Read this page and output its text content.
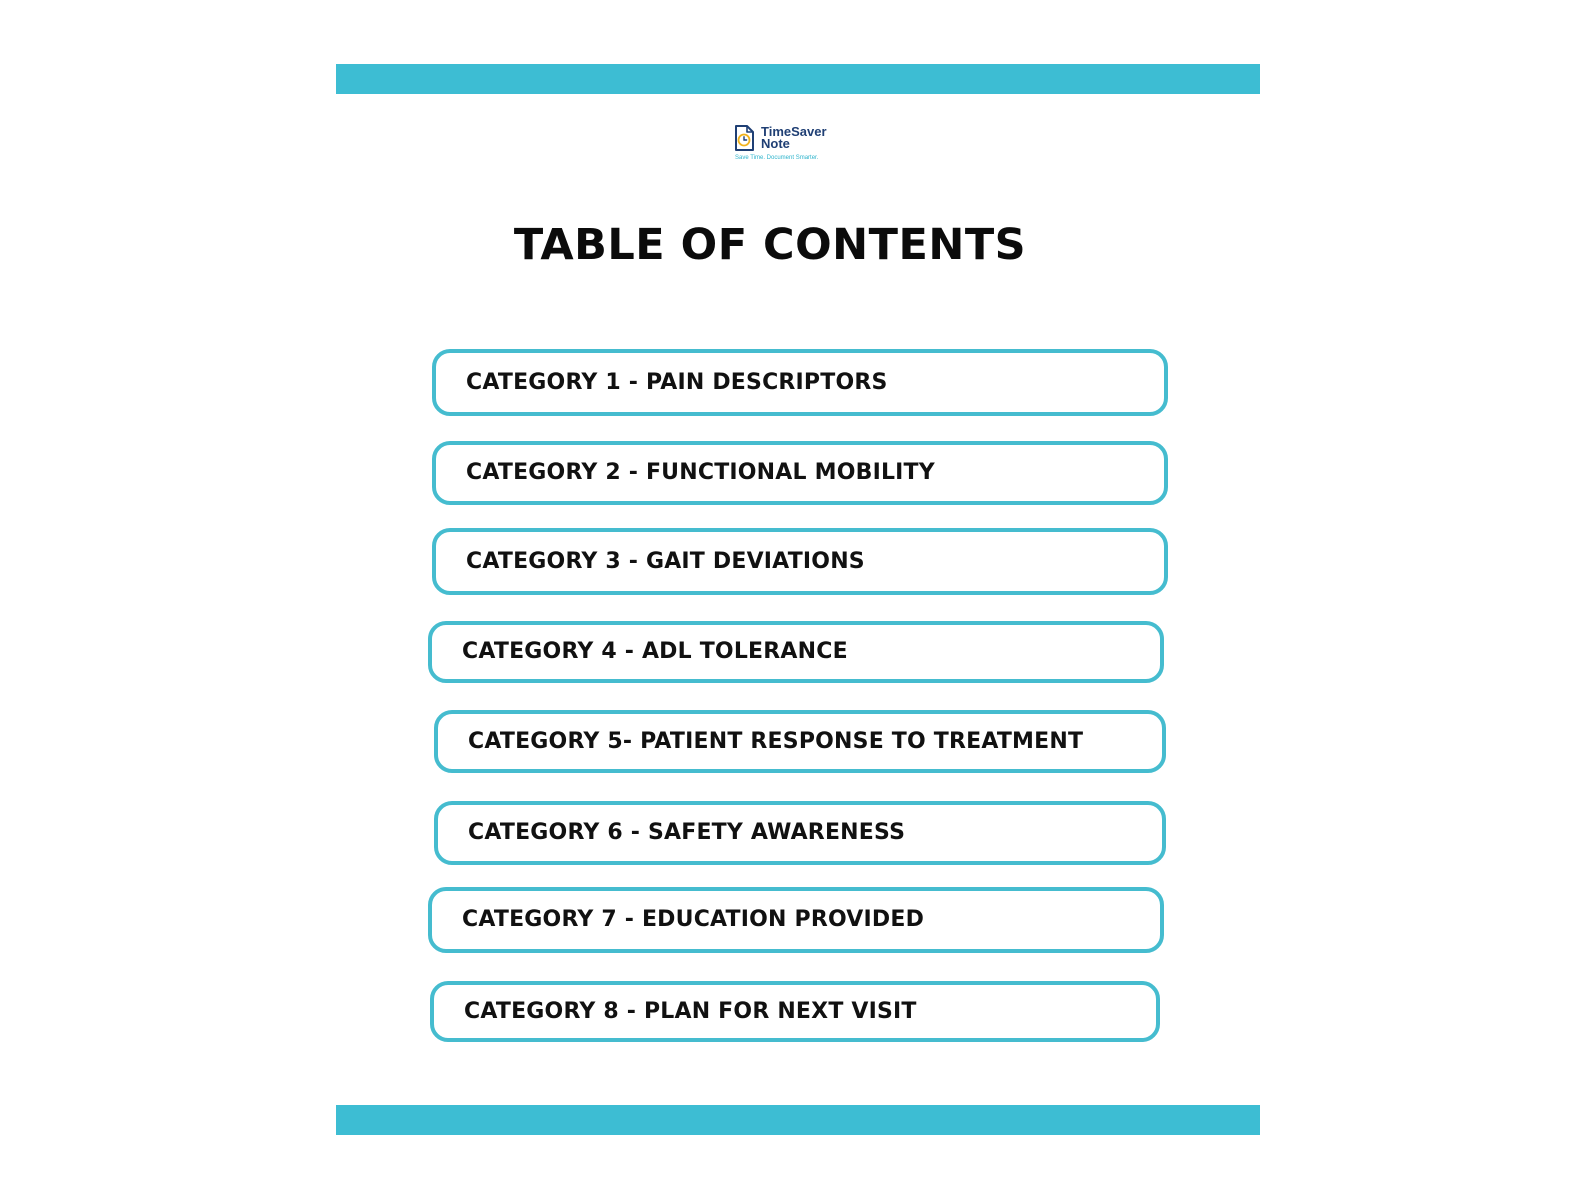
TimeSaver
Note
Save Time. Document Smarter.
TABLE OF CONTENTS
CATEGORY 1 - PAIN DESCRIPTORS
CATEGORY 2 - FUNCTIONAL MOBILITY
CATEGORY 3 - GAIT DEVIATIONS
CATEGORY 4 - ADL TOLERANCE
CATEGORY 5- PATIENT RESPONSE TO TREATMENT
CATEGORY 6 - SAFETY AWARENESS
CATEGORY 7 - EDUCATION PROVIDED
CATEGORY 8 - PLAN FOR NEXT VISIT
